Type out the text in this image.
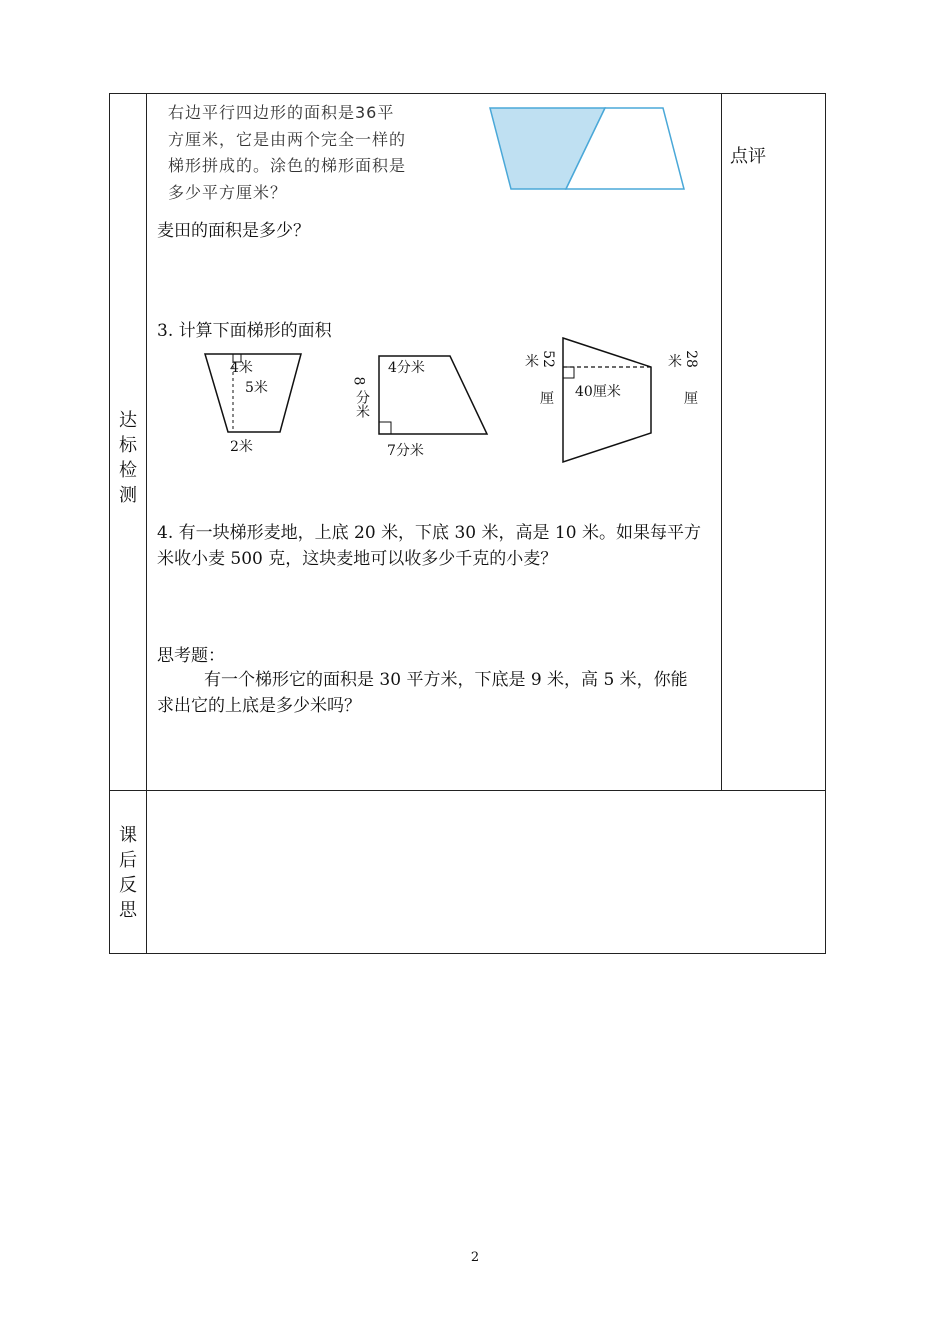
达
标
检
测
课
后
反
思
点评
右边平行四边形的面积是36平
方厘米，它是由两个完全一样的
梯形拼成的。涂色的梯形面积是
多少平方厘米？
麦田的面积是多少？
3. 计算下面梯形的面积
4米
5米
2米
4分米
8
分米
7分米
米 52
厘 40厘米
米 28
厘
4. 有一块梯形麦地，上底 20 米，下底 30 米，高是 10 米。如果每平方
米收小麦 500 克，这块麦地可以收多少千克的小麦？
思考题：
有一个梯形它的面积是 30 平方米，下底是 9 米，高 5 米，你能
求出它的上底是多少米吗？
2
